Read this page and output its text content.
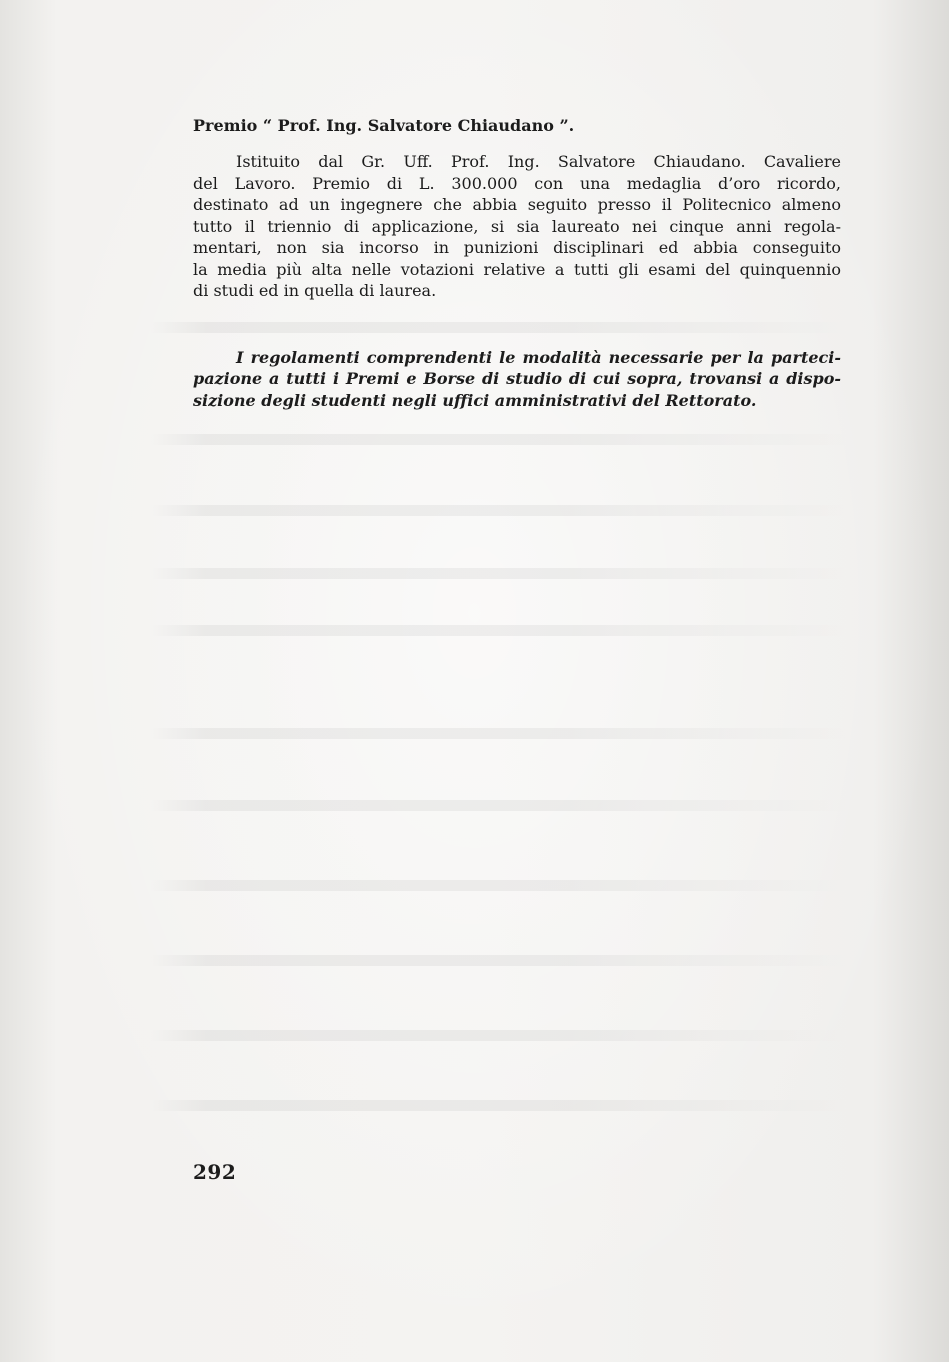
Premio “ Prof. Ing. Salvatore Chiaudano ”.

Istituito dal Gr. Uff. Prof. Ing. Salvatore Chiaudano. Cavaliere
del Lavoro. Premio di L. 300.000 con una medaglia d’oro ricordo,
destinato ad un ingegnere che abbia seguito presso il Politecnico almeno
tutto il triennio di applicazione, si sia laureato nei cinque anni regola-
mentari, non sia incorso in punizioni disciplinari ed abbia conseguito
la media più alta nelle votazioni relative a tutti gli esami del quinquennio
di studi ed in quella di laurea.

I regolamenti comprendenti le modalità necessarie per la parteci-
pazione a tutti i Premi e Borse di studio di cui sopra, trovansi a dispo-
sizione degli studenti negli uffici amministrativi del Rettorato.

292
